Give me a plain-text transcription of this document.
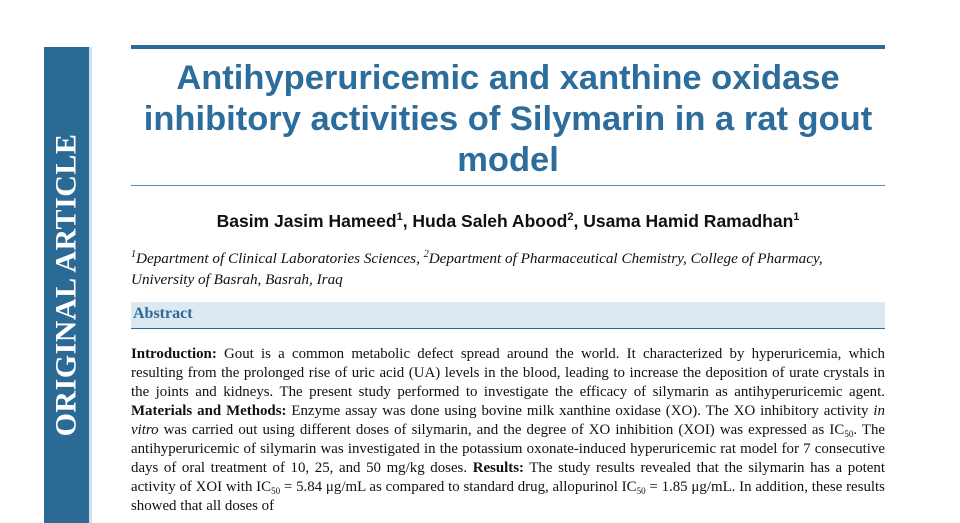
ORIGINAL ARTICLE
Antihyperuricemic and xanthine oxidase inhibitory activities of Silymarin in a rat gout model

Basim Jasim Hameed$^1$, Huda Saleh Abood$^2$, Usama Hamid Ramadhan$^1$

$^1$Department of Clinical Laboratories Sciences, $^2$Department of Pharmaceutical Chemistry, College of Pharmacy, University of Basrah, Basrah, Iraq

Abstract

Introduction: Gout is a common metabolic defect spread around the world. It characterized by hyperuricemia, which resulting from the prolonged rise of uric acid (UA) levels in the blood, leading to increase the deposition of urate crystals in the joints and kidneys. The present study performed to investigate the efficacy of silymarin as antihyperuricemic agent. Materials and Methods: Enzyme assay was done using bovine milk xanthine oxidase (XO). The XO inhibitory activity in vitro was carried out using different doses of silymarin, and the degree of XO inhibition (XOI) was expressed as $IC_{50}$. The antihyperuricemic of silymarin was investigated in the potassium oxonate-induced hyperuricemic rat model for 7 consecutive days of oral treatment of 10, 25, and 50 mg/kg doses. Results: The study results revealed that the silymarin has a potent activity of XOI with $IC_{50} = 5.84$ μg/mL as compared to standard drug, allopurinol $IC_{50} = 1.85$ μg/mL. In addition, these results showed that all doses of
